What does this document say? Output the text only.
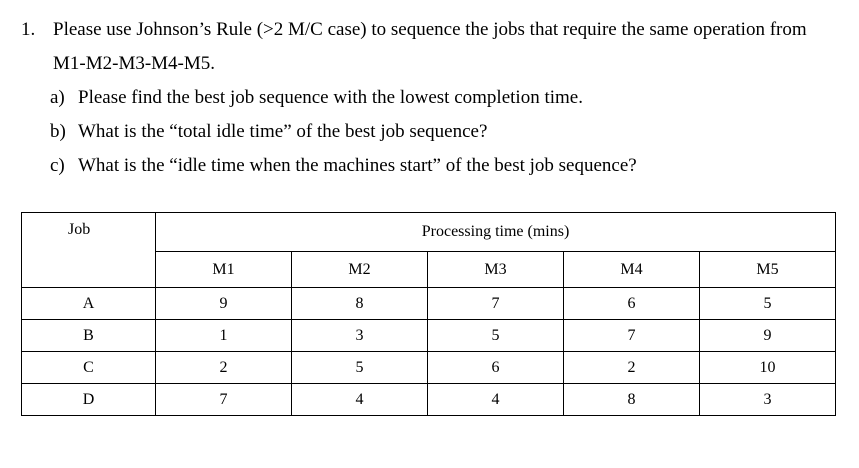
1. Please use Johnson’s Rule (>2 M/C case) to sequence the jobs that require the same operation from
M1-M2-M3-M4-M5.
a) Please find the best job sequence with the lowest completion time.
b) What is the “total idle time” of the best job sequence?
c) What is the “idle time when the machines start” of the best job sequence?
Job	Processing time (mins)				
	M1	M2	M3	M4	M5
A	9	8	7	6	5
B	1	3	5	7	9
C	2	5	6	2	10
D	7	4	4	8	3
